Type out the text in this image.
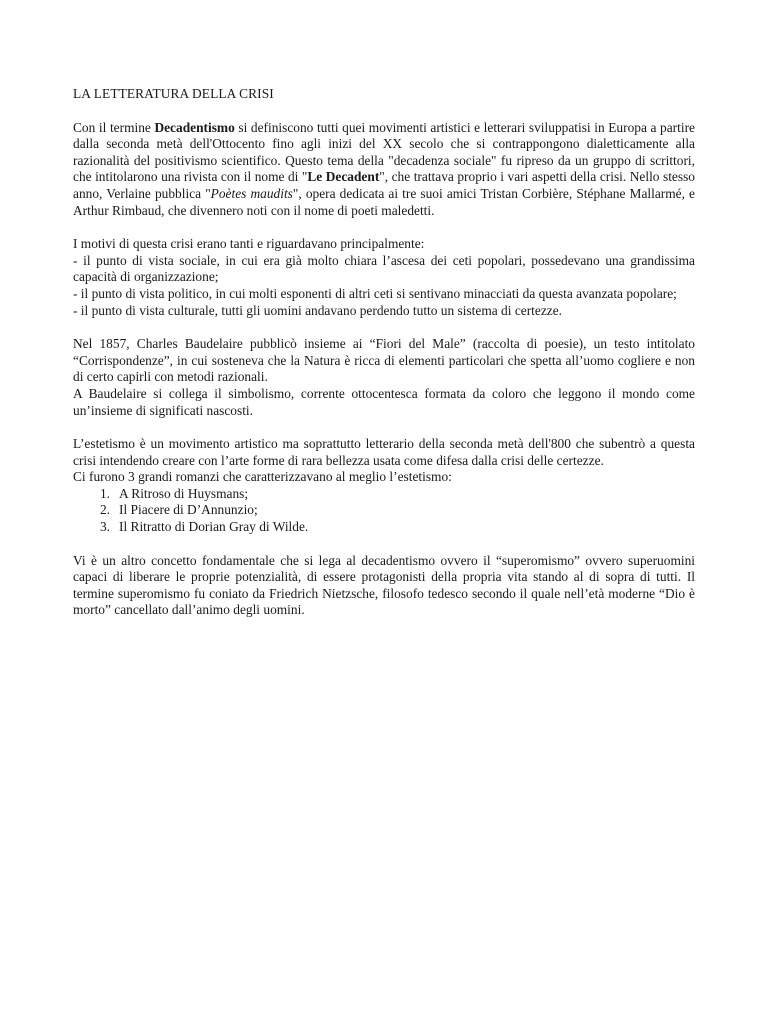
LA LETTERATURA DELLA CRISI

Con il termine Decadentismo si definiscono tutti quei movimenti artistici e letterari sviluppatisi in Europa a partire dalla seconda metà dell'Ottocento fino agli inizi del XX secolo che si contrappongono dialetticamente alla razionalità del positivismo scientifico. Questo tema della "decadenza sociale" fu ripreso da un gruppo di scrittori, che intitolarono una rivista con il nome di "Le Decadent", che trattava proprio i vari aspetti della crisi. Nello stesso anno, Verlaine pubblica "Poètes maudits", opera dedicata ai tre suoi amici Tristan Corbière, Stéphane Mallarmé, e Arthur Rimbaud, che divennero noti con il nome di poeti maledetti.

I motivi di questa crisi erano tanti e riguardavano principalmente:

- il punto di vista sociale, in cui era già molto chiara l’ascesa dei ceti popolari, possedevano una grandissima capacità di organizzazione;

- il punto di vista politico, in cui molti esponenti di altri ceti si sentivano minacciati da questa avanzata popolare;

- il punto di vista culturale, tutti gli uomini andavano perdendo tutto un sistema di certezze.

Nel 1857, Charles Baudelaire pubblicò insieme ai “Fiori del Male” (raccolta di poesie), un testo intitolato “Corrispondenze”, in cui sosteneva che la Natura è ricca di elementi particolari che spetta all’uomo cogliere e non di certo capirli con metodi razionali.

A Baudelaire si collega il simbolismo, corrente ottocentesca formata da coloro che leggono il mondo come un’insieme di significati nascosti.

L’estetismo è un movimento artistico ma soprattutto letterario della seconda metà dell'800 che subentrò a questa crisi intendendo creare con l’arte forme di rara bellezza usata come difesa dalla crisi delle certezze.

Ci furono 3 grandi romanzi che caratterizzavano al meglio l’estetismo:

1. A Ritroso di Huysmans;
2. Il Piacere di D’Annunzio;
3. Il Ritratto di Dorian Gray di Wilde.

Vi è un altro concetto fondamentale che si lega al decadentismo ovvero il “superomismo” ovvero superuomini capaci di liberare le proprie potenzialità, di essere protagonisti della propria vita stando al di sopra di tutti. Il termine superomismo fu coniato da Friedrich Nietzsche, filosofo tedesco secondo il quale nell’età moderne “Dio è morto” cancellato dall’animo degli uomini.
